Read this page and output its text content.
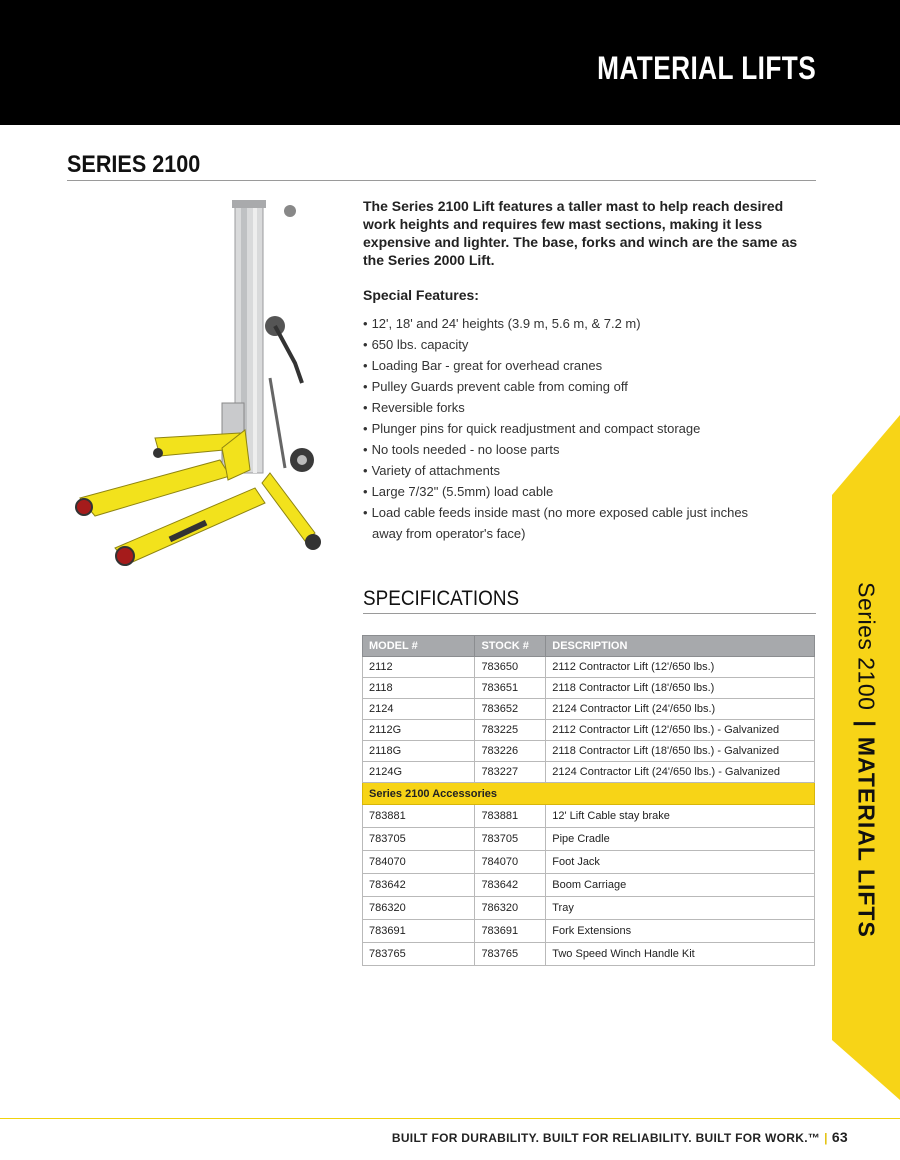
MATERIAL LIFTS
SERIES 2100
The Series 2100 Lift features a taller mast to help reach desired work heights and requires few mast sections, making it less expensive and lighter. The base, forks and winch are the same as the Series 2000 Lift.
Special Features:
• 12', 18' and 24' heights (3.9 m, 5.6 m, & 7.2 m)
• 650 lbs. capacity
• Loading Bar - great for overhead cranes
• Pulley Guards prevent cable from coming off
• Reversible forks
• Plunger pins for quick readjustment and compact storage
• No tools needed - no loose parts
• Variety of attachments
• Large 7/32" (5.5mm) load cable
• Load cable feeds inside mast (no more exposed cable just inches
away from operator's face)
SPECIFICATIONS
MODEL #	STOCK #	DESCRIPTION
2112	783650	2112 Contractor Lift (12'/650 lbs.)
2118	783651	2118 Contractor Lift (18'/650 lbs.)
2124	783652	2124 Contractor Lift (24'/650 lbs.)
2112G	783225	2112 Contractor Lift (12'/650 lbs.) - Galvanized
2118G	783226	2118 Contractor Lift (18'/650 lbs.) - Galvanized
2124G	783227	2124 Contractor Lift (24'/650 lbs.) - Galvanized
Series 2100 Accessories		
783881	783881	12' Lift Cable stay brake
783705	783705	Pipe Cradle
784070	784070	Foot Jack
783642	783642	Boom Carriage
786320	786320	Tray
783691	783691	Fork Extensions
783765	783765	Two Speed Winch Handle Kit
Series 2100|MATERIAL LIFTS
BUILT FOR DURABILITY. BUILT FOR RELIABILITY. BUILT FOR WORK.™ | 63
